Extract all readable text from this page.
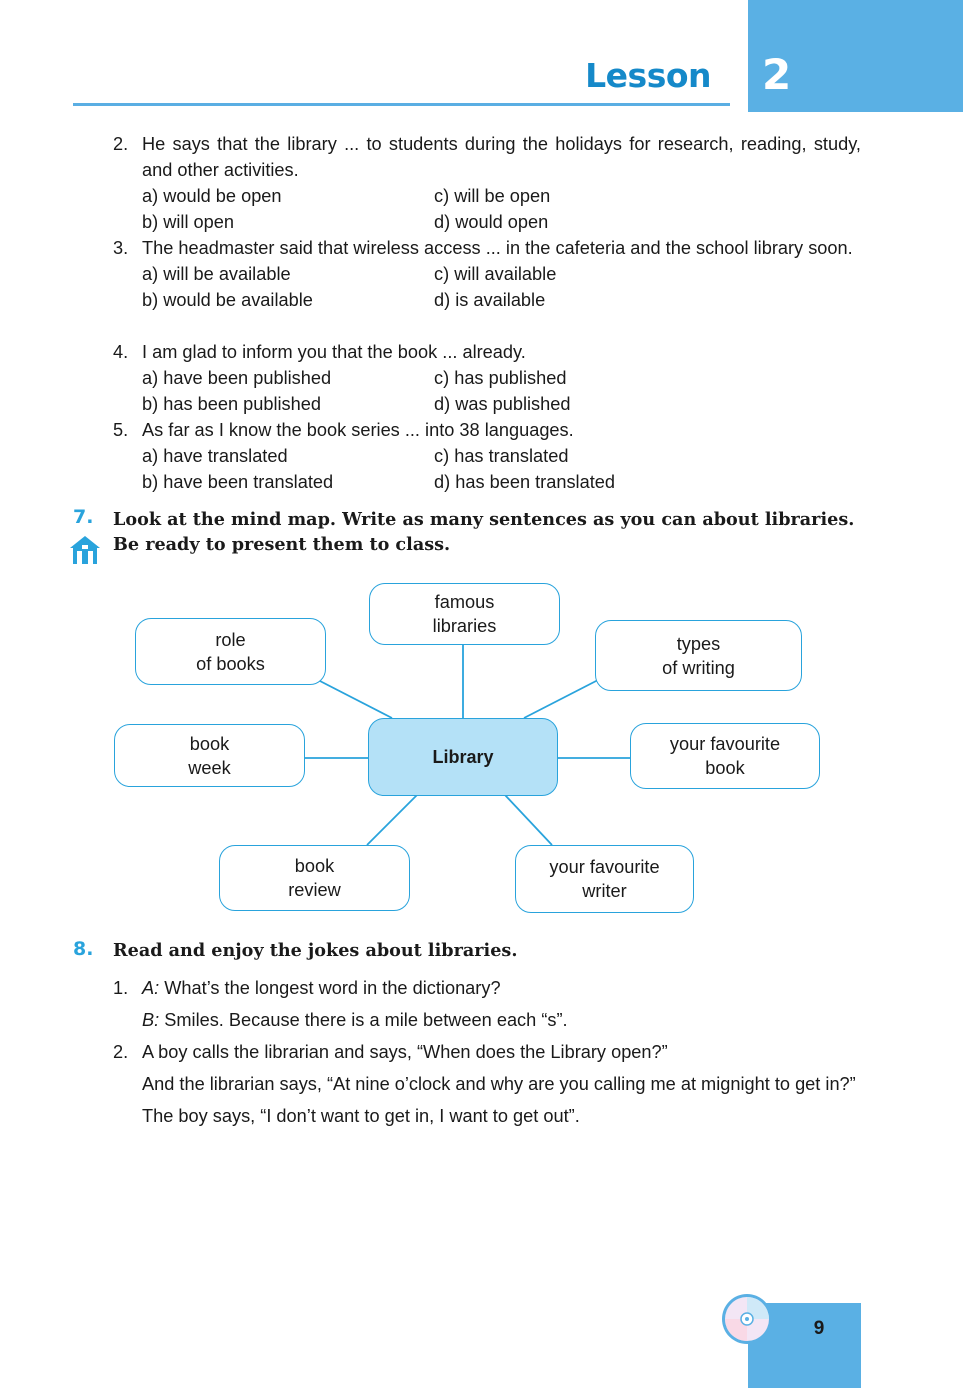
2
Lesson
2. He says that the library ... to students during the holidays for research, reading, study, and other activities.
a) would be open	c) will be open
b) will open	d) would open
3. The headmaster said that wireless access ... in the cafeteria and the school library soon.
a) will be available	c) will available
b) would be available	d) is available
4. I am glad to inform you that the book ... already.
a) have been published	c) has published
b) has been published	d) was published
5. As far as I know the book series ... into 38 languages.
a) have translated	c) has translated
b) have been translated	d) has been translated
7. Look at the mind map. Write as many sentences as you can about libraries. Be ready to present them to class.
Library
famous
libraries
role
of books
types
of writing
book
week
your favourite
book
book
review
your favourite
writer
8. Read and enjoy the jokes about libraries.
1. A: What’s the longest word in the dictionary?
B: Smiles. Because there is a mile between each “s”.
2. A boy calls the librarian and says, “When does the Library open?”
And the librarian says, “At nine o’clock and why are you calling me at mignight to get in?”
The boy says, “I don’t want to get in, I want to get out”.
9
